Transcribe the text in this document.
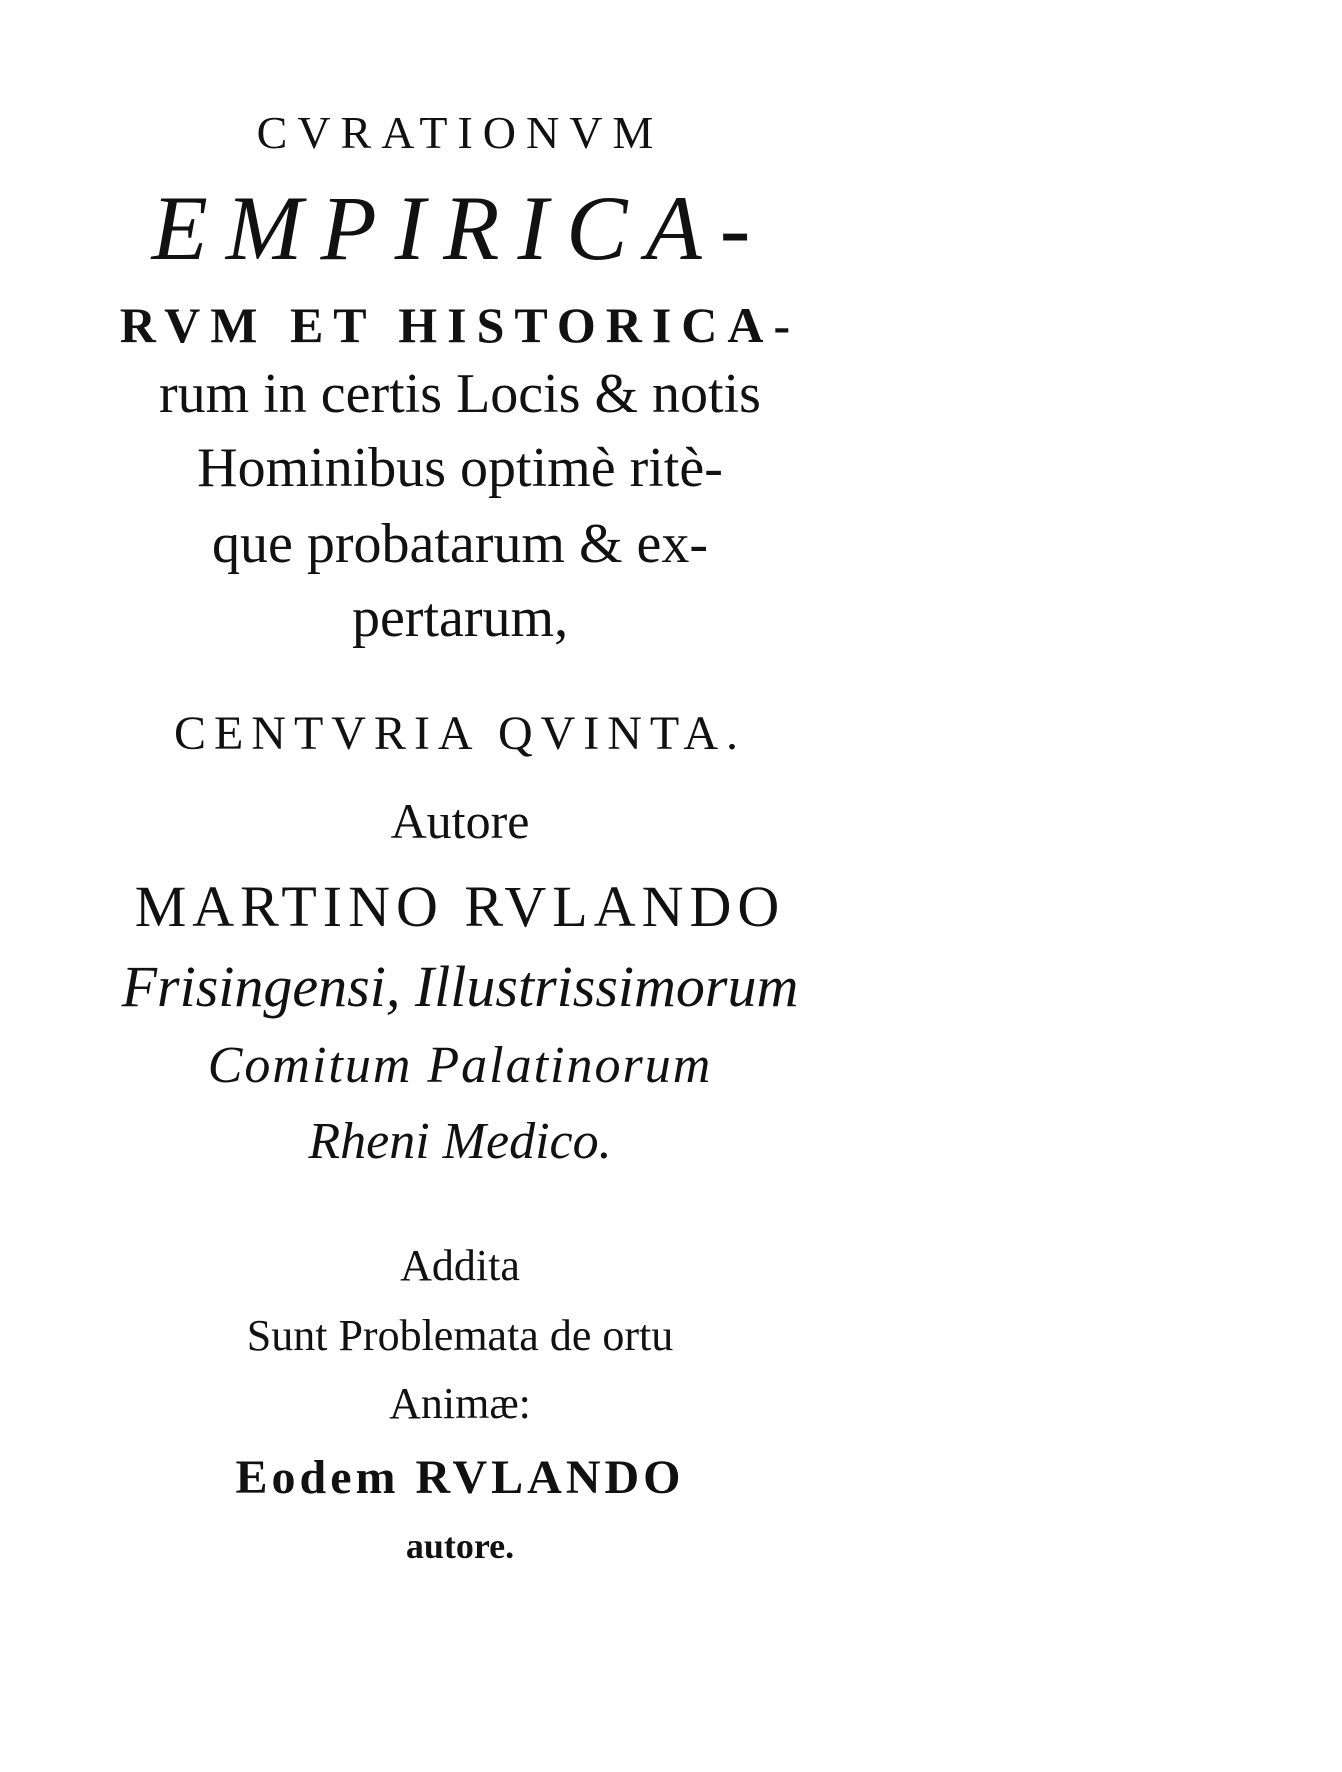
CVRATIONVM
EMPIRICA-
RVM ET HISTORICA-
rum in certis Locis & notis
Hominibus optimè ritè-
que probatarum & ex-
pertarum,
CENTVRIA QVINTA.
Autore
MARTINO RVLANDO
Frisingensi, Illustrissimorum
Comitum Palatinorum
Rheni Medico.
Addita
Sunt Problemata de ortu
Animæ:
Eodem RVLANDO
autore.
